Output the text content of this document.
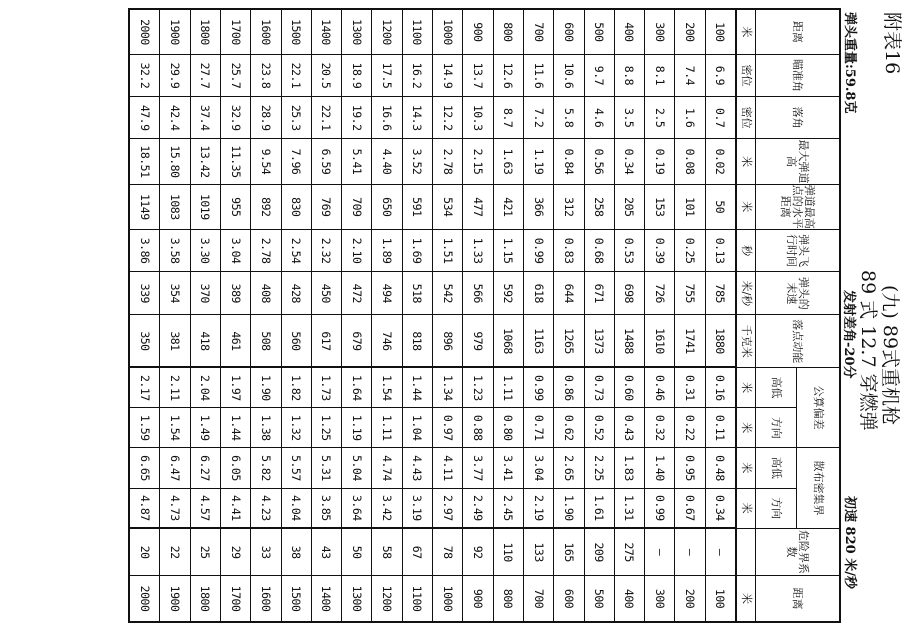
附表16
(九) 89式重机枪
89 式 12.7 穿燃弹
弹头重量:59.8克
发射差角-20分
初速 820 米/秒
距离	瞄准角	落角	最大弹道高	弹道最高点的水平距离	弹头飞行时间	弹头的末速	落点动能	公算偏差		散布密集界		危险界系数	距离
								高低	方向	高低	方向		
米	密位	密位	米	米	秒	米/秒	千克米	米	米	米	米		米
100	6.9	0.7	0.02	50	0.13	785	1880	0.16	0.11	0.48	0.34	—	100
200	7.4	1.6	0.08	101	0.25	755	1741	0.31	0.22	0.95	0.67	—	200
300	8.1	2.5	0.19	153	0.39	726	1610	0.46	0.32	1.40	0.99	—	300
400	8.8	3.5	0.34	205	0.53	698	1488	0.60	0.43	1.83	1.31	275	400
500	9.7	4.6	0.56	258	0.68	671	1373	0.73	0.52	2.25	1.61	209	500
600	10.6	5.8	0.84	312	0.83	644	1265	0.86	0.62	2.65	1.90	165	600
700	11.6	7.2	1.19	366	0.99	618	1163	0.99	0.71	3.04	2.19	133	700
800	12.6	8.7	1.63	421	1.15	592	1068	1.11	0.80	3.41	2.45	110	800
900	13.7	10.3	2.15	477	1.33	566	979	1.23	0.88	3.77	2.49	92	900
1000	14.9	12.2	2.78	534	1.51	542	896	1.34	0.97	4.11	2.97	78	1000
1100	16.2	14.3	3.52	591	1.69	518	818	1.44	1.04	4.43	3.19	67	1100
1200	17.5	16.6	4.40	650	1.89	494	746	1.54	1.11	4.74	3.42	58	1200
1300	18.9	19.2	5.41	709	2.10	472	679	1.64	1.19	5.04	3.64	50	1300
1400	20.5	22.1	6.59	769	2.32	450	617	1.73	1.25	5.31	3.85	43	1400
1500	22.1	25.3	7.96	830	2.54	428	560	1.82	1.32	5.57	4.04	38	1500
1600	23.8	28.9	9.54	892	2.78	408	508	1.90	1.38	5.82	4.23	33	1600
1700	25.7	32.9	11.35	955	3.04	389	461	1.97	1.44	6.05	4.41	29	1700
1800	27.7	37.4	13.42	1019	3.30	370	418	2.04	1.49	6.27	4.57	25	1800
1900	29.9	42.4	15.80	1083	3.58	354	381	2.11	1.54	6.47	4.73	22	1900
2000	32.2	47.9	18.51	1149	3.86	339	350	2.17	1.59	6.65	4.87	20	2000
